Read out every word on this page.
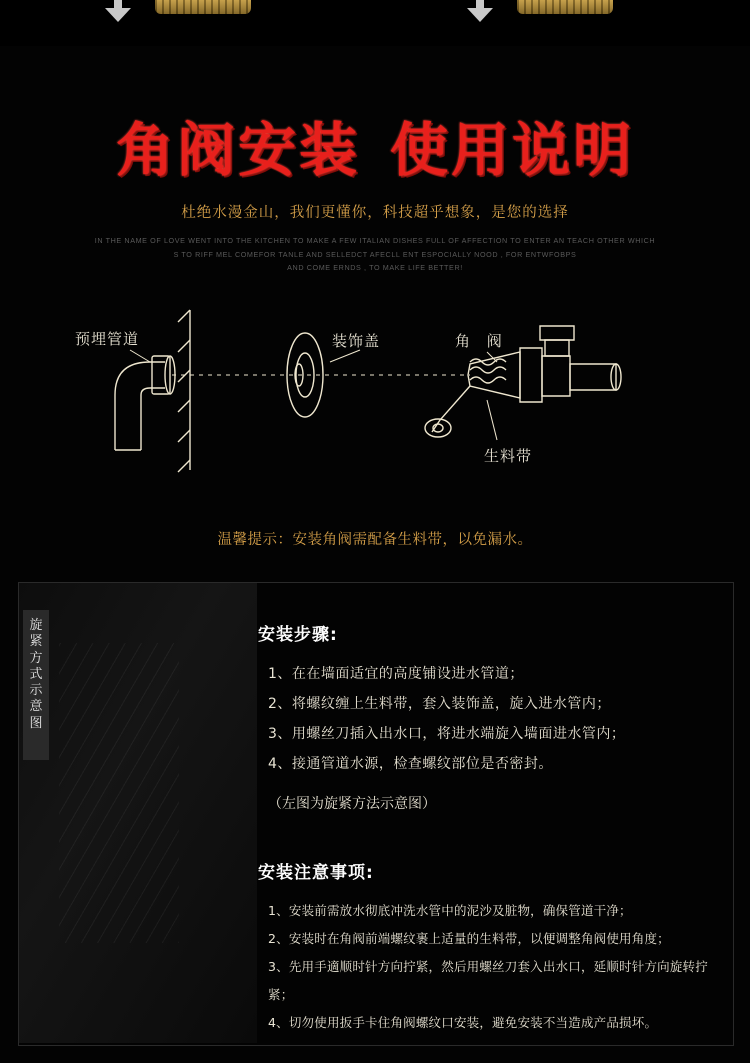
角阀安装 使用说明
杜绝水漫金山，我们更懂你，科技超乎想象，是您的选择
IN THE NAME OF LOVE WENT INTO THE KITCHEN TO MAKE A FEW ITALIAN DISHES FULL OF AFFECTION TO ENTER AN TEACH OTHER WHICH
S TO RIFF MEL COMEFOR TANLE AND SELLEDCT AFECLL ENT ESPOCIALLY NOOD , FOR ENTWFOBPS
AND COME ERNDS , TO MAKE LIFE BETTER!
预埋管道	装饰盖	角 阀
生料带
温馨提示：安装角阀需配备生料带，以免漏水。
旋
紧
方
式
示
意
图
安装步骤:
1、在在墙面适宜的高度铺设进水管道；
2、将螺纹缠上生料带，套入装饰盖，旋入进水管内；
3、用螺丝刀插入出水口，将进水端旋入墙面进水管内；
4、接通管道水源，检查螺纹部位是否密封。
（左图为旋紧方法示意图）
安装注意事项:
1、安装前需放水彻底冲洗水管中的泥沙及脏物，确保管道干净；
2、安装时在角阀前端螺纹裹上适量的生料带，以便调整角阀使用角度；
3、先用手適顺时针方向拧紧，然后用螺丝刀套入出水口，延顺时针方向旋转拧紧；
4、切勿使用扳手卡住角阀螺纹口安装，避免安装不当造成产品损坏。
